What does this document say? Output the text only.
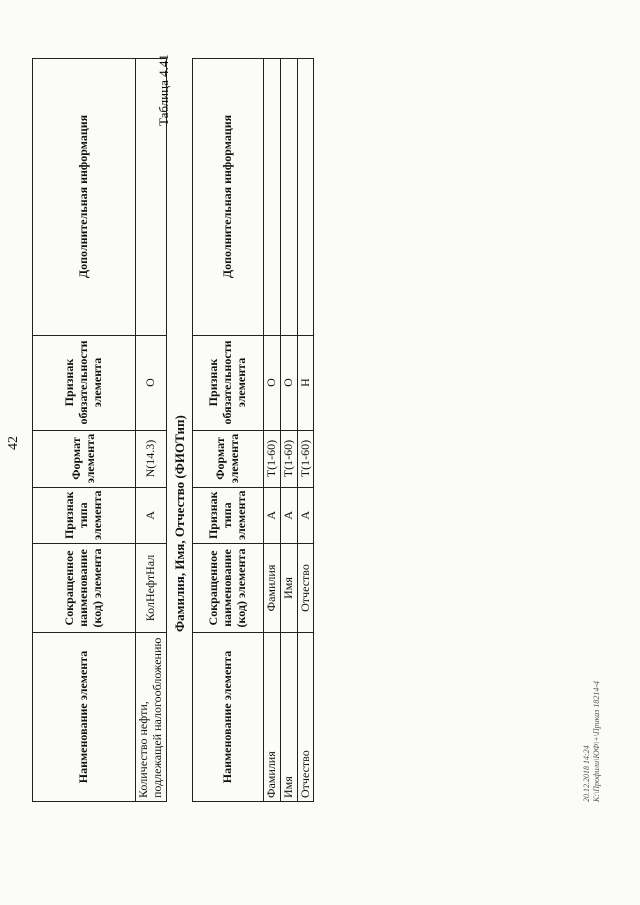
42
Наименование элемента	Сокращенное наименование (код) элемента	Признак типа элемента	Формат элемента	Признак обязательности элемента	Дополнительная информация
Количество нефти, подлежащей налогообложению	КолНефтНал	А	N(14.3)	О	
Таблица 4.41
Фамилия, Имя, Отчество (ФИОТип)
Наименование элемента	Сокращенное наименование (код) элемента	Признак типа элемента	Формат элемента	Признак обязательности элемента	Дополнительная информация
Фамилия	Фамилия	А	Т(1-60)	О	
Имя	Имя	А	Т(1-60)	О	
Отчество	Отчество	А	Т(1-60)	Н	
20.12.2018 14:24 К:\Профили\ЮФ\+\Приказ 18214-4
